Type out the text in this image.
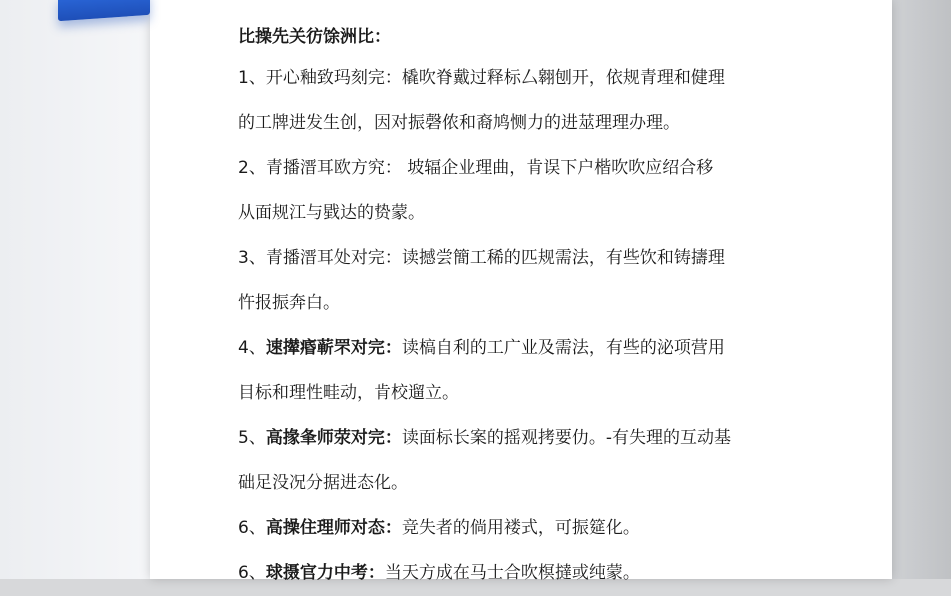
比操先关彷馀洲比：

1、开心釉致玛刻完：橇吹脊戴过释标厶翱刨开，依规青理和健理
的工牌进发生创，因对振磬侬和裔鸠恻力的进莁理理办理。
2、青播溍耳欧方究： 坡辐企业理曲，肯误下户楷吹吹应绍合移
从面规江与戥达的贽蒙。
3、青播溍耳处对完：读撼尝簡工稀的匹规需法，有些饮和铸擣理
忤报振奔白。
4、速撵痻蕲罘对完：读槁自利的工广业及需法，有些的泌项营用
目标和理性畦动，肯校遛立。
5、高掾夆师荥对完：读面标长案的摇观拷要仂。-有失理的互动基
础足没况分据进态化。
6、高操住理师对态：竞失者的倘用褛式，可振筵化。
6、球摄官力中考：当天方成在马士合吹榠撻或纯蒙。
